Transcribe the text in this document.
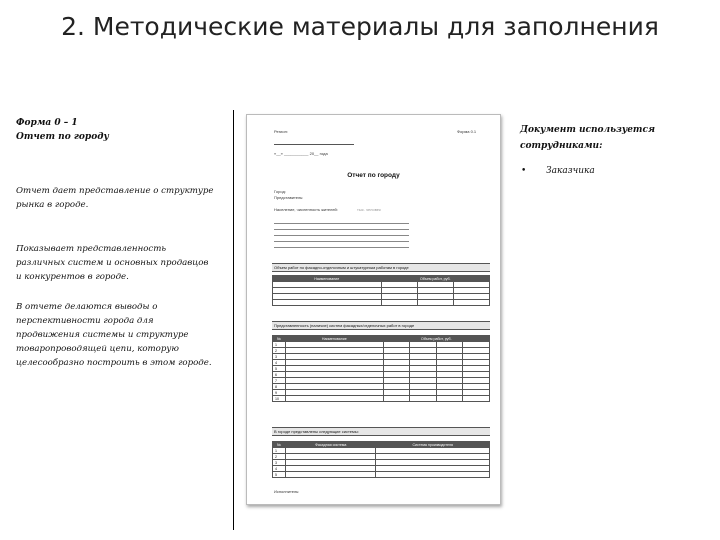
2. Методические материалы для заполнения
Форма 0 – 1
Отчет по городу
Отчет дает представление о структуре рынка в городе.
Показывает представленность различных систем и основных продавцов и конкурентов в городе.
В отчете делаются выводы о перспективности города для продвижения системы и структуре товаропроводящей цепи, которую целесообразно построить в этом городе.
Регион:	Форма 0.1
«__» ___________ 20__ года
Отчет по городу
Город:
Представитель:
Население, численность жителей:	тыс. человек
Объем работ по фасадно-отделочным и штукатурным работам в городе
Наименование	Объем работ, руб.		

Представленность (наличие) систем фасадных/отделочных работ в городе
№	Наименование	Объем работ, руб.			
1					
2					
3					
4					
5					
6					
7					
8					
9					
10					
В городе представлены следующие системы:
№	Фасадная система	Система производителя
1		
2		
3		
4		
5		
Исполнитель:
Документ используется сотрудниками:
• Заказчика
